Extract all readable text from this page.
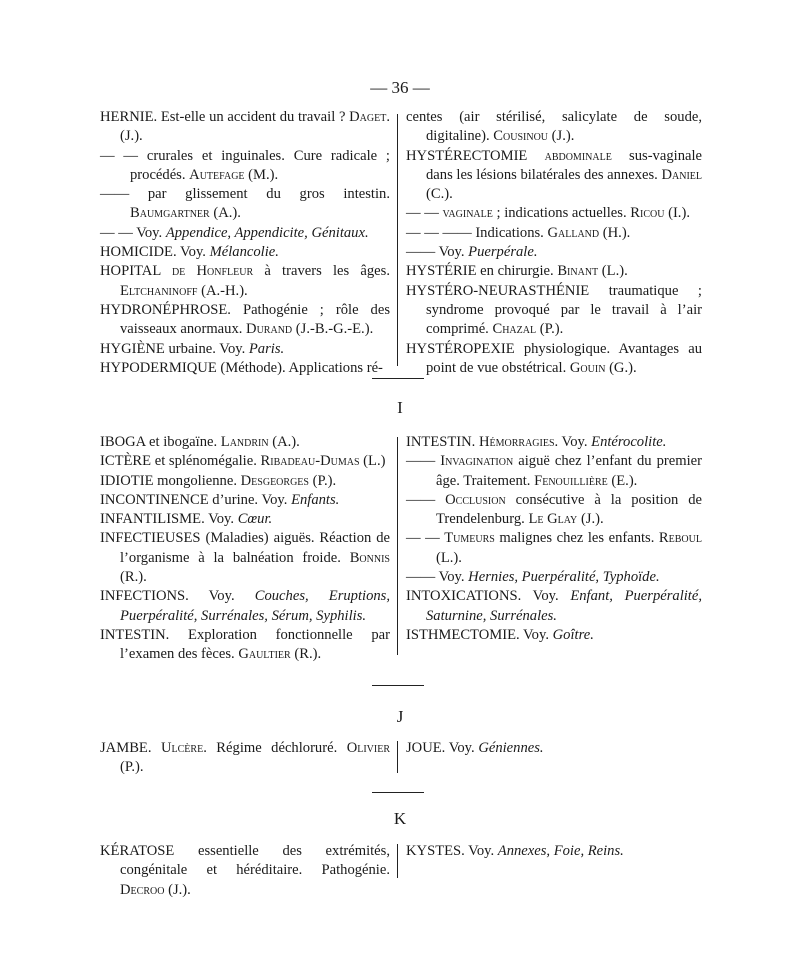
— 36 —

HERNIE. Est-elle un accident du travail ? Daget. (J.).

— — crurales et inguinales. Cure radicale ; procédés. Autefage (M.).

—— par glissement du gros intestin. Baumgartner (A.).

— — Voy. Appendice, Appendicite, Génitaux.

HOMICIDE. Voy. Mélancolie.

HOPITAL de Honfleur à travers les âges. Eltchaninoff (A.-H.).

HYDRONÉPHROSE. Pathogénie ; rôle des vaisseaux anormaux. Durand (J.-B.-G.-E.).

HYGIÈNE urbaine. Voy. Paris.

HYPODERMIQUE (Méthode). Applications ré-

centes (air stérilisé, salicylate de soude, digitaline). Cousinou (J.).

HYSTÉRECTOMIE abdominale sus-vaginale dans les lésions bilatérales des annexes. Daniel (C.).

— — vaginale ; indications actuelles. Ricou (I.).

— — —— Indications. Galland (H.).

—— Voy. Puerpérale.

HYSTÉRIE en chirurgie. Binant (L.).

HYSTÉRO-NEURASTHÉNIE traumatique ; syndrome provoqué par le travail à l’air comprimé. Chazal (P.).

HYSTÉROPEXIE physiologique. Avantages au point de vue obstétrical. Gouin (G.).

I

IBOGA et ibogaïne. Landrin (A.).

ICTÈRE et splénomégalie. Ribadeau-Dumas (L.)

IDIOTIE mongolienne. Desgeorges (P.).

INCONTINENCE d’urine. Voy. Enfants.

INFANTILISME. Voy. Cœur.

INFECTIEUSES (Maladies) aiguës. Réaction de l’organisme à la balnéation froide. Bonnis (R.).

INFECTIONS. Voy. Couches, Eruptions, Puerpéralité, Surrénales, Sérum, Syphilis.

INTESTIN. Exploration fonctionnelle par l’examen des fèces. Gaultier (R.).

INTESTIN. Hémorragies. Voy. Entérocolite.

—— Invagination aiguë chez l’enfant du premier âge. Traitement. Fenouillière (E.).

—— Occlusion consécutive à la position de Trendelenburg. Le Glay (J.).

— — Tumeurs malignes chez les enfants. Reboul (L.).

—— Voy. Hernies, Puerpéralité, Typhoïde.

INTOXICATIONS. Voy. Enfant, Puerpéralité, Saturnine, Surrénales.

ISTHMECTOMIE. Voy. Goître.

J

JAMBE. Ulcère. Régime déchloruré. Olivier (P.).

JOUE. Voy. Géniennes.

K

KÉRATOSE essentielle des extrémités, congénitale et héréditaire. Pathogénie. Decroo (J.).

KYSTES. Voy. Annexes, Foie, Reins.
